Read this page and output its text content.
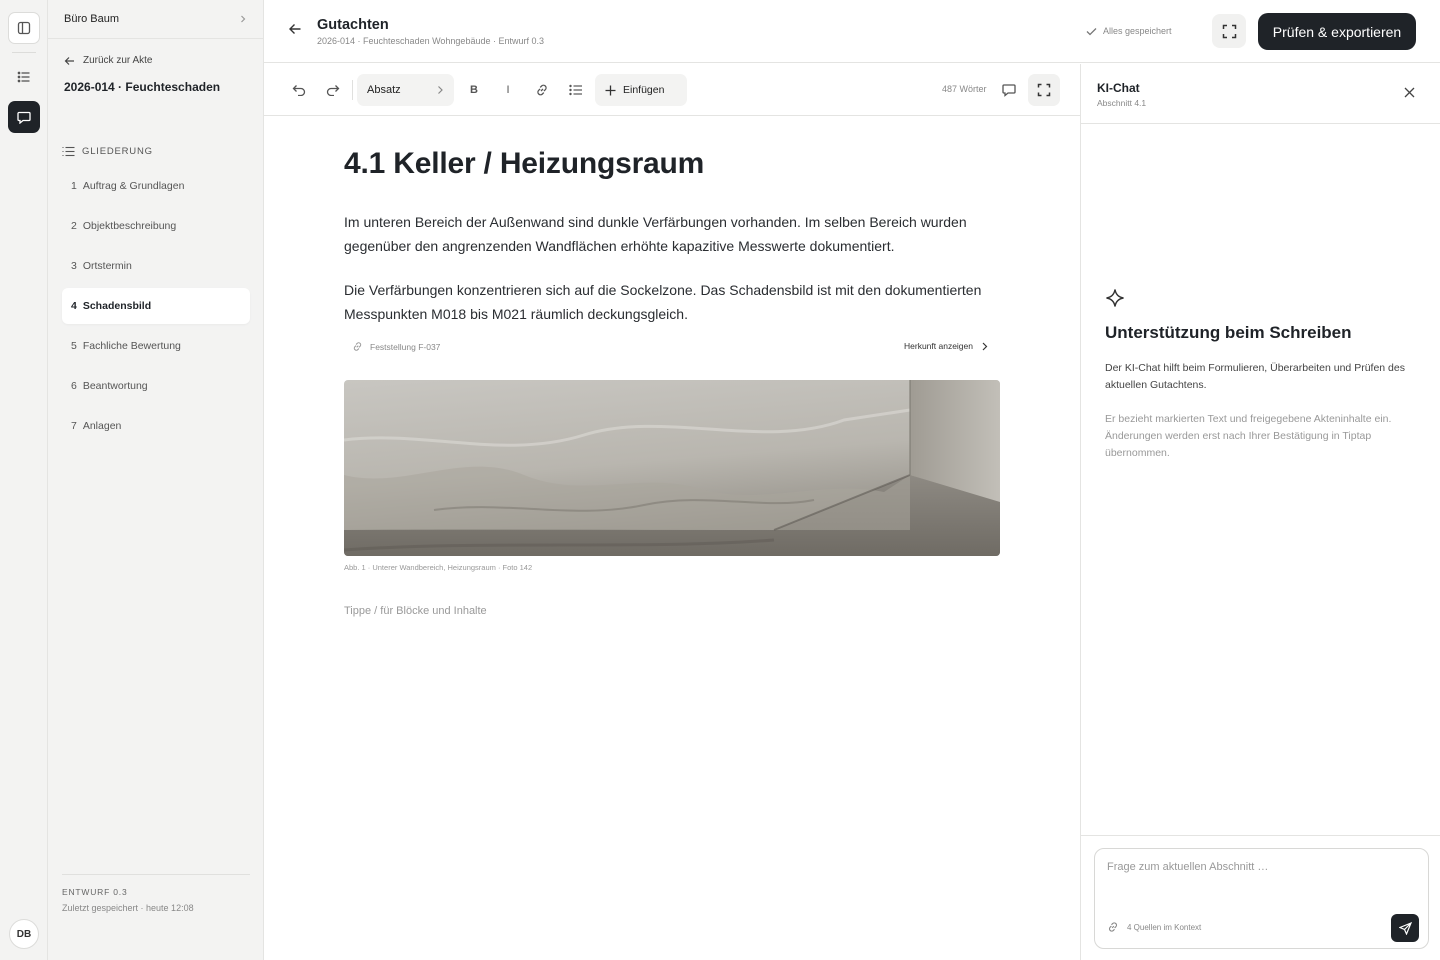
DB
Büro Baum
Zurück zur Akte
2026-014 · Feuchteschaden
GLIEDERUNG
1 Auftrag & Grundlagen
2 Objektbeschreibung
3 Ortstermin
4 Schadensbild
5 Fachliche Bewertung
6 Beantwortung
7 Anlagen
ENTWURF 0.3
Zuletzt gespeichert · heute 12:08
Gutachten
2026-014 · Feuchteschaden Wohngebäude · Entwurf 0.3
Alles gespeichert	Prüfen & exportieren
Absatz	B	I	Einfügen	487 Wörter
4.1 Keller / Heizungsraum
Im unteren Bereich der Außenwand sind dunkle Verfärbungen vorhanden. Im selben Bereich wurden gegenüber den angrenzenden Wandflächen erhöhte kapazitive Messwerte dokumentiert.
Die Verfärbungen konzentrieren sich auf die Sockelzone. Das Schadensbild ist mit den dokumentierten Messpunkten M018 bis M021 räumlich deckungsgleich.
Feststellung F-037	Herkunft anzeigen
Abb. 1 · Unterer Wandbereich, Heizungsraum · Foto 142
Tippe / für Blöcke und Inhalte
KI-Chat
Abschnitt 4.1
Unterstützung beim Schreiben
Der KI-Chat hilft beim Formulieren, Überarbeiten und Prüfen des aktuellen Gutachtens.
Er bezieht markierten Text und freigegebene Akteninhalte ein. Änderungen werden erst nach Ihrer Bestätigung in Tiptap übernommen.
Frage zum aktuellen Abschnitt …
4 Quellen im Kontext
